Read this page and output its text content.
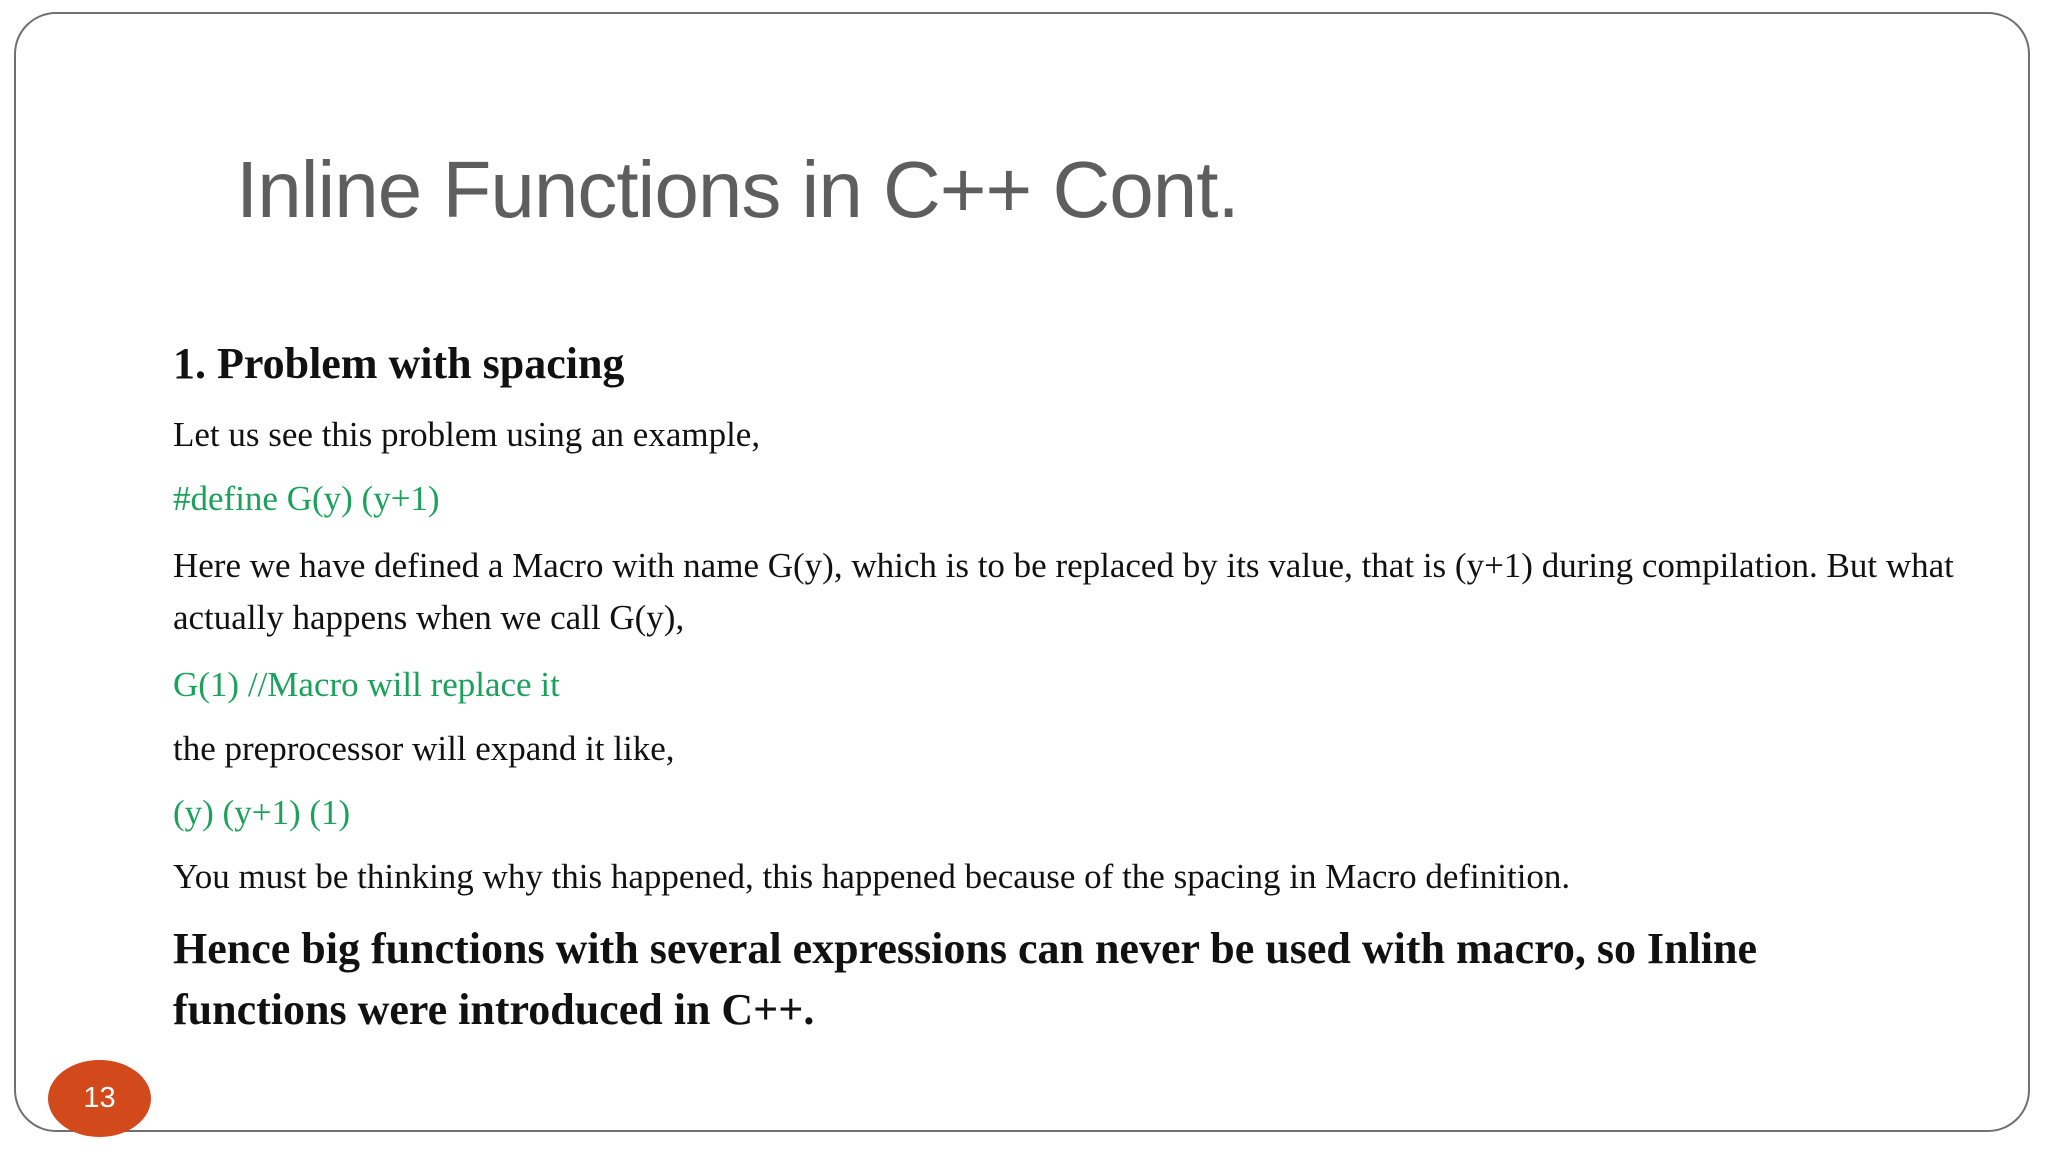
Inline Functions in C++ Cont.

1. Problem with spacing

Let us see this problem using an example,

#define G(y) (y+1)

Here we have defined a Macro with name G(y), which is to be replaced by its value, that is (y+1) during compilation. But what actually happens when we call G(y),

G(1) //Macro will replace it

the preprocessor will expand it like,

(y) (y+1) (1)

You must be thinking why this happened, this happened because of the spacing in Macro definition.

Hence big functions with several expressions can never be used with macro, so Inline functions were introduced in C++.

13
